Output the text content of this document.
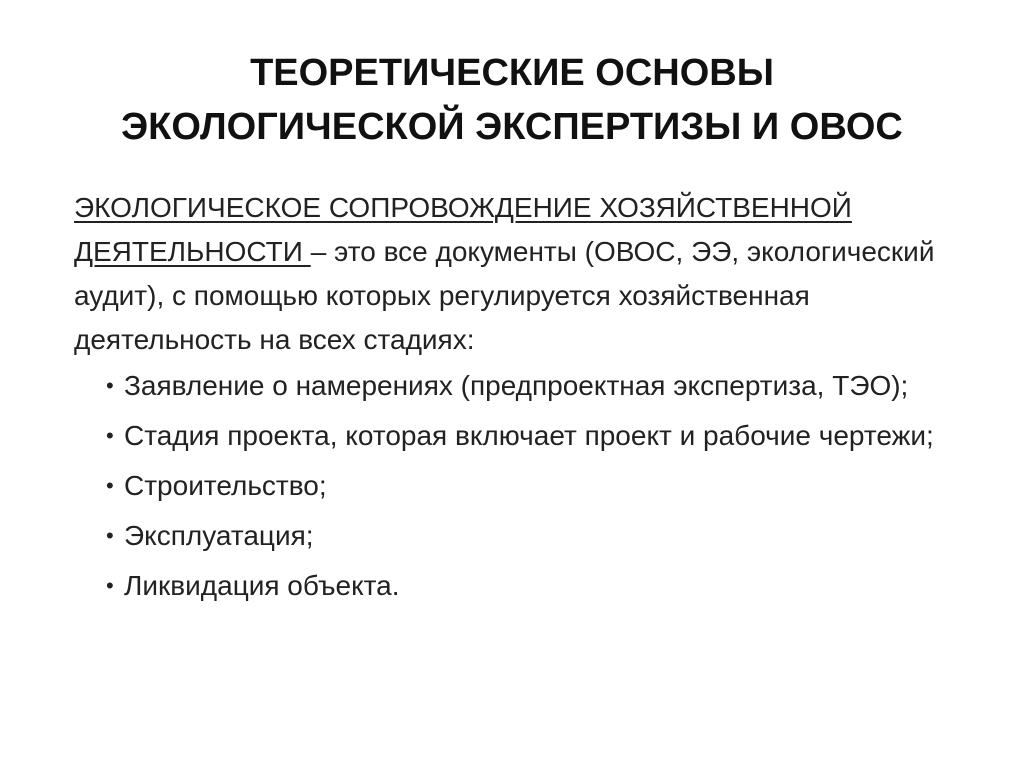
ТЕОРЕТИЧЕСКИЕ ОСНОВЫ
ЭКОЛОГИЧЕСКОЙ ЭКСПЕРТИЗЫ И ОВОС

ЭКОЛОГИЧЕСКОЕ СОПРОВОЖДЕНИЕ ХОЗЯЙСТВЕННОЙ
ДЕЯТЕЛЬНОСТИ – это все документы (ОВОС, ЭЭ, экологический аудит), с помощью которых регулируется хозяйственная деятельность на всех стадиях:

• Заявление о намерениях (предпроектная экспертиза, ТЭО);
• Стадия проекта, которая включает проект и рабочие чертежи;
• Строительство;
• Эксплуатация;
• Ликвидация объекта.
